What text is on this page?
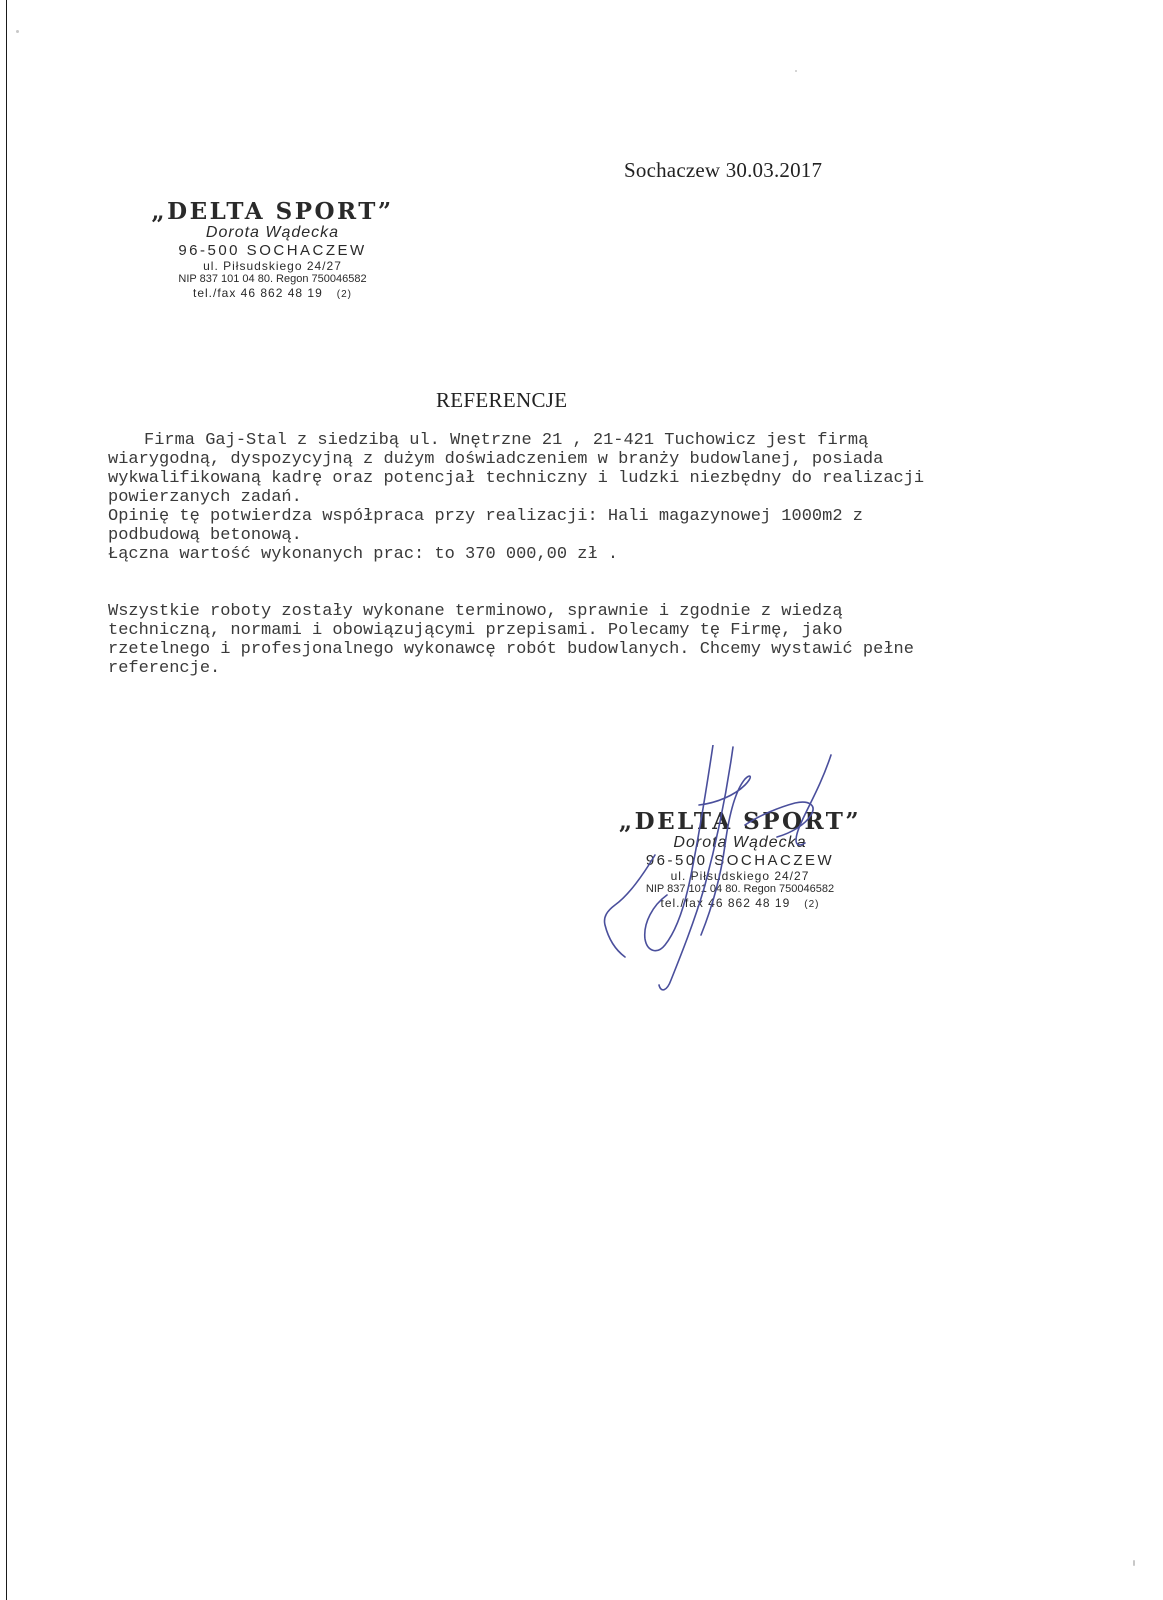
Sochaczew 30.03.2017
„DELTA SPORT”
Dorota Wądecka
96-500 SOCHACZEW
ul. Piłsudskiego 24/27
NIP 837 101 04 80. Regon 750046582
tel./fax 46 862 48 19 (2)
REFERENCJE

Firma Gaj-Stal z siedzibą ul. Wnętrzne 21 , 21-421 Tuchowicz jest firmą

wiarygodną, dyspozycyjną z dużym doświadczeniem w branży budowlanej, posiada

wykwalifikowaną kadrę oraz potencjał techniczny i ludzki niezbędny do realizacji

powierzanych zadań.

Opinię tę potwierdza współpraca przy realizacji: Hali magazynowej 1000m2 z

podbudową betonową.

Łączna wartość wykonanych prac: to 370 000,00 zł .

Wszystkie roboty zostały wykonane terminowo, sprawnie i zgodnie z wiedzą

techniczną, normami i obowiązującymi przepisami. Polecamy tę Firmę, jako

rzetelnego i profesjonalnego wykonawcę robót budowlanych. Chcemy wystawić pełne

referencje.

„DELTA SPORT”
Dorota Wądecka
96-500 SOCHACZEW
ul. Piłsudskiego 24/27
NIP 837 101 04 80. Regon 750046582
tel./fax 46 862 48 19 (2)
